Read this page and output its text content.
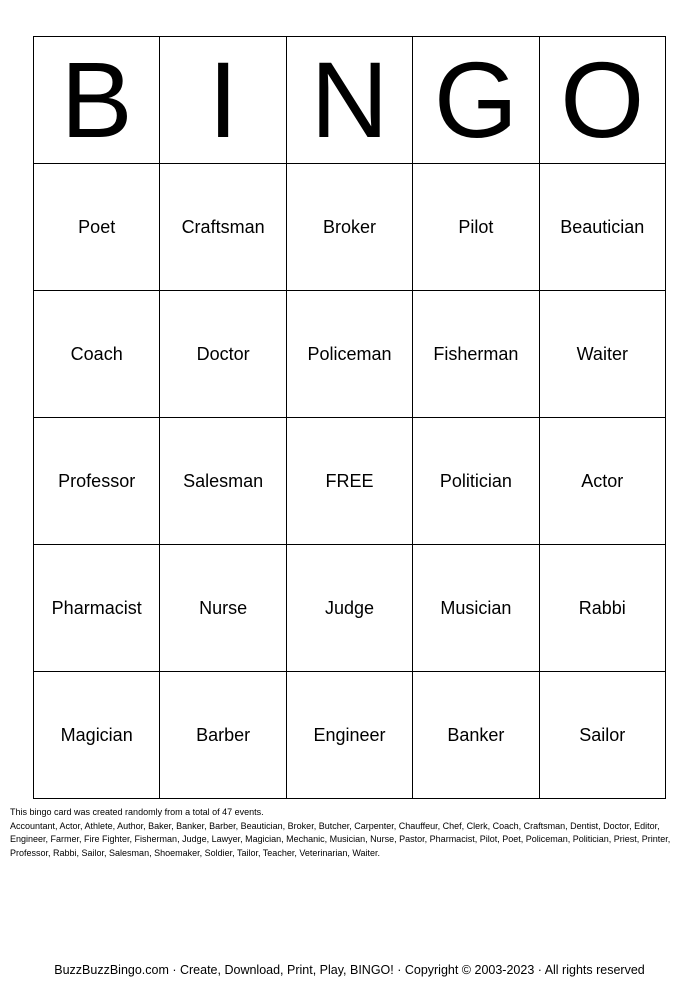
B	I	N	G	O
Poet	Craftsman	Broker	Pilot	Beautician
Coach	Doctor	Policeman	Fisherman	Waiter
Professor	Salesman	FREE	Politician	Actor
Pharmacist	Nurse	Judge	Musician	Rabbi
Magician	Barber	Engineer	Banker	Sailor

This bingo card was created randomly from a total of 47 events.

Accountant, Actor, Athlete, Author, Baker, Banker, Barber, Beautician, Broker, Butcher, Carpenter, Chauffeur, Chef, Clerk, Coach, Craftsman, Dentist, Doctor, Editor, Engineer, Farmer, Fire Fighter, Fisherman, Judge, Lawyer, Magician, Mechanic, Musician, Nurse, Pastor, Pharmacist, Pilot, Poet, Policeman, Politician, Priest, Printer, Professor, Rabbi, Sailor, Salesman, Shoemaker, Soldier, Tailor, Teacher, Veterinarian, Waiter.

BuzzBuzzBingo.com · Create, Download, Print, Play, BINGO! · Copyright © 2003-2023 · All rights reserved
